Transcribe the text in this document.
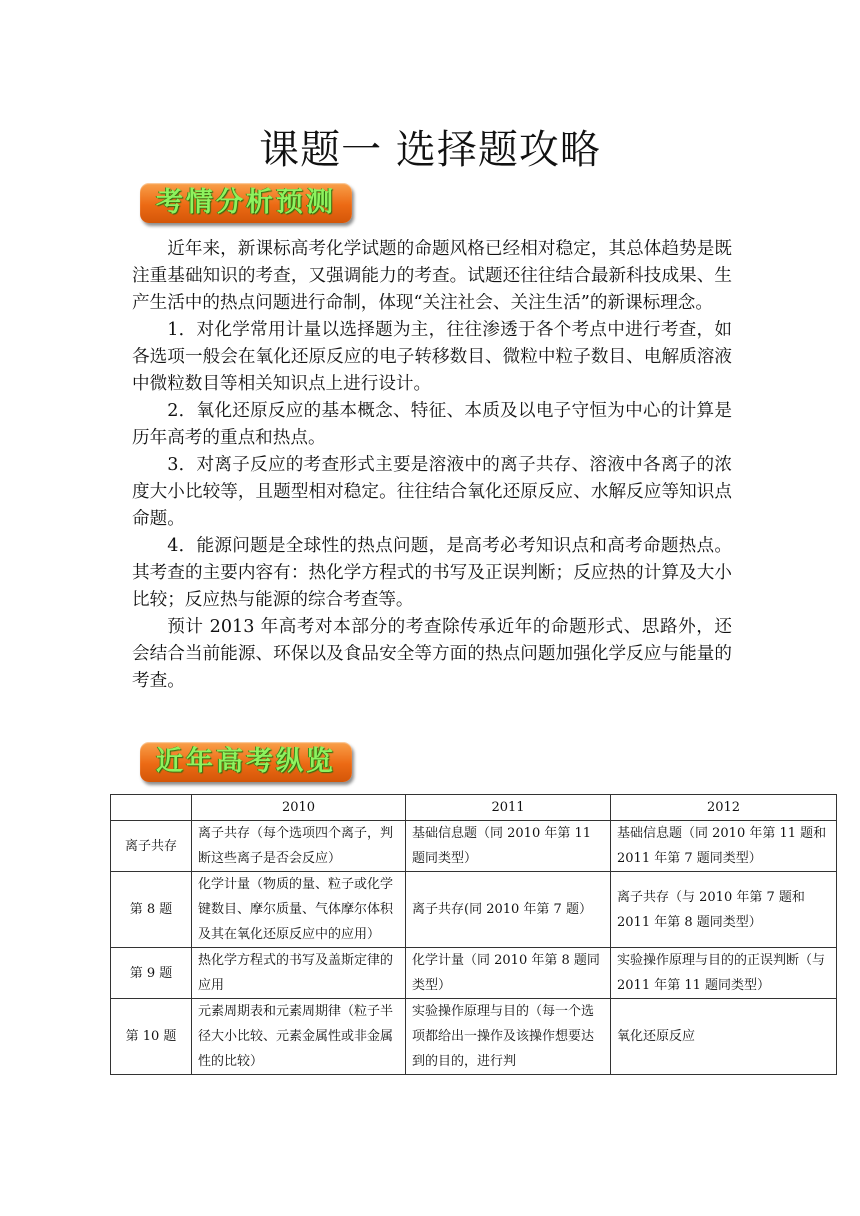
课题一 选择题攻略
考情分析预测

近年来，新课标高考化学试题的命题风格已经相对稳定，其总体趋势是既注重基础知识的考查，又强调能力的考查。试题还往往结合最新科技成果、生产生活中的热点问题进行命制，体现“关注社会、关注生活”的新课标理念。

1．对化学常用计量以选择题为主，往往渗透于各个考点中进行考查，如各选项一般会在氧化还原反应的电子转移数目、微粒中粒子数目、电解质溶液中微粒数目等相关知识点上进行设计。

2．氧化还原反应的基本概念、特征、本质及以电子守恒为中心的计算是历年高考的重点和热点。

3．对离子反应的考查形式主要是溶液中的离子共存、溶液中各离子的浓度大小比较等，且题型相对稳定。往往结合氧化还原反应、水解反应等知识点命题。

4．能源问题是全球性的热点问题，是高考必考知识点和高考命题热点。其考查的主要内容有：热化学方程式的书写及正误判断；反应热的计算及大小比较；反应热与能源的综合考查等。

预计 2013 年高考对本部分的考查除传承近年的命题形式、思路外，还会结合当前能源、环保以及食品安全等方面的热点问题加强化学反应与能量的考查。

近年高考纵览
	2010	2011	2012
离子共存	离子共存（每个选项四个离子，判断这些离子是否会反应）	基础信息题（同 2010 年第 11 题同类型）	基础信息题（同 2010 年第 11 题和 2011 年第 7 题同类型）
第 8 题	化学计量（物质的量、粒子或化学键数目、摩尔质量、气体摩尔体积及其在氧化还原反应中的应用）	离子共存(同 2010 年第 7 题）	离子共存（与 2010 年第 7 题和 2011 年第 8 题同类型）
第 9 题	热化学方程式的书写及盖斯定律的应用	化学计量（同 2010 年第 8 题同类型）	实验操作原理与目的的正误判断（与 2011 年第 11 题同类型）
第 10 题	元素周期表和元素周期律（粒子半径大小比较、元素金属性或非金属性的比较）	实验操作原理与目的（每一个选项都给出一操作及该操作想要达到的目的，进行判	氧化还原反应
